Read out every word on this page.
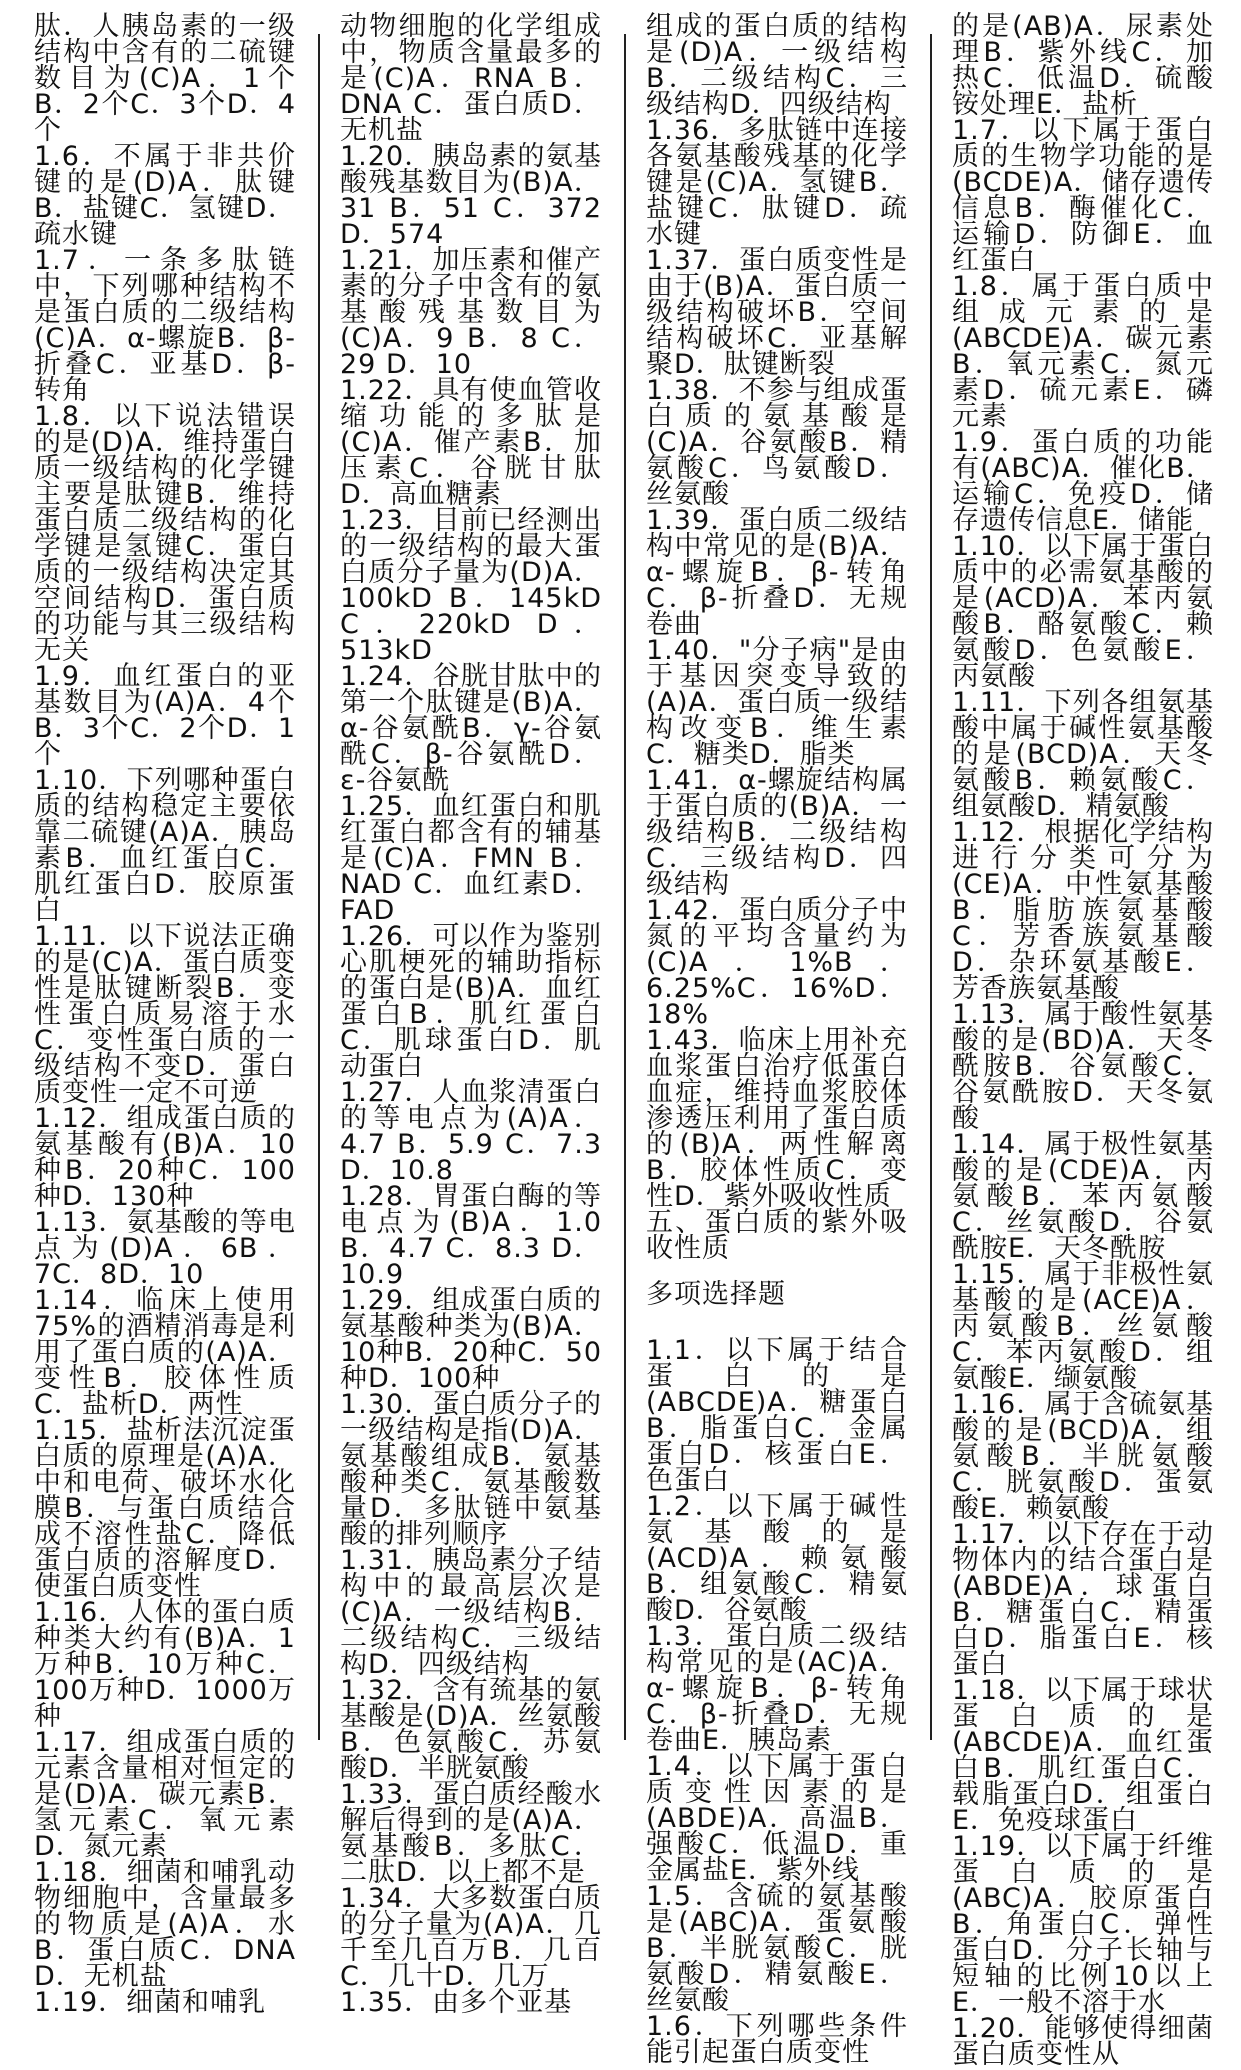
肽．人胰岛素的一级结构中含有的二硫键数目为(C)A．1个B．2个C．3个D．4个

1.6．不属于非共价键的是(D)A．肽键B．盐键C．氢键D．疏水键

1.7．一条多肽链中，下列哪种结构不是蛋白质的二级结构(C)A．α-螺旋B．β-折叠C．亚基D．β-转角

1.8．以下说法错误的是(D)A．维持蛋白质一级结构的化学键主要是肽键B．维持蛋白质二级结构的化学键是氢键C．蛋白质的一级结构决定其空间结构D．蛋白质的功能与其三级结构无关

1.9．血红蛋白的亚基数目为(A)A．4个B．3个C．2个D．1个

1.10．下列哪种蛋白质的结构稳定主要依靠二硫键(A)A．胰岛素B．血红蛋白C．肌红蛋白D．胶原蛋白

1.11．以下说法正确的是(C)A．蛋白质变性是肽键断裂B．变性蛋白质易溶于水C．变性蛋白质的一级结构不变D．蛋白质变性一定不可逆

1.12．组成蛋白质的氨基酸有(B)A．10种B．20种C．100种D．130种

1.13．氨基酸的等电点为(D)A．6B．7C．8D．10

1.14．临床上使用75%的酒精消毒是利用了蛋白质的(A)A．变性B．胶体性质C．盐析D．两性

1.15．盐析法沉淀蛋白质的原理是(A)A．中和电荷、破坏水化膜B．与蛋白质结合成不溶性盐C．降低蛋白质的溶解度D．使蛋白质变性

1.16．人体的蛋白质种类大约有(B)A．1万种B．10万种C．100万种D．1000万种

1.17．组成蛋白质的元素含量相对恒定的是(D)A．碳元素B．氢元素C．氧元素D．氮元素

1.18．细菌和哺乳动物细胞中，含量最多的物质是(A)A．水B．蛋白质C．DNA D．无机盐

1.19．细菌和哺乳

动物细胞的化学组成中，物质含量最多的是(C)A．RNA B．DNA C．蛋白质D．无机盐

1.20．胰岛素的氨基酸残基数目为(B)A．31 B．51 C．372 D．574

1.21．加压素和催产素的分子中含有的氨基酸残基数目为(C)A．9 B．8 C．29 D．10

1.22．具有使血管收缩功能的多肽是(C)A．催产素B．加压素C．谷胱甘肽D．高血糖素

1.23．目前已经测出的一级结构的最大蛋白质分子量为(D)A．100kD B．145kD C．220kD D．513kD

1.24．谷胱甘肽中的第一个肽键是(B)A．α-谷氨酰B．γ-谷氨酰C．β-谷氨酰D．ε-谷氨酰

1.25．血红蛋白和肌红蛋白都含有的辅基是(C)A．FMN B．NAD C．血红素D．FAD

1.26．可以作为鉴别心肌梗死的辅助指标的蛋白是(B)A．血红蛋白B．肌红蛋白C．肌球蛋白D．肌动蛋白

1.27．人血浆清蛋白的等电点为(A)A．4.7 B．5.9 C．7.3 D．10.8

1.28．胃蛋白酶的等电点为(B)A．1.0 B．4.7 C．8.3 D．10.9

1.29．组成蛋白质的氨基酸种类为(B)A．10种B．20种C．50种D．100种

1.30．蛋白质分子的一级结构是指(D)A．氨基酸组成B．氨基酸种类C．氨基酸数量D．多肽链中氨基酸的排列顺序

1.31．胰岛素分子结构中的最高层次是(C)A．一级结构B．二级结构C．三级结构D．四级结构

1.32．含有巯基的氨基酸是(D)A．丝氨酸B．色氨酸C．苏氨酸D．半胱氨酸

1.33．蛋白质经酸水解后得到的是(A)A．氨基酸B．多肽C．二肽D．以上都不是

1.34．大多数蛋白质的分子量为(A)A．几千至几百万B．几百C．几十D．几万

1.35．由多个亚基

组成的蛋白质的结构是(D)A．一级结构B．二级结构C．三级结构D．四级结构

1.36．多肽链中连接各氨基酸残基的化学键是(C)A．氢键B．盐键C．肽键D．疏水键

1.37．蛋白质变性是由于(B)A．蛋白质一级结构破坏B．空间结构破坏C．亚基解聚D．肽键断裂

1.38．不参与组成蛋白质的氨基酸是(C)A．谷氨酸B．精氨酸C．鸟氨酸D．丝氨酸

1.39．蛋白质二级结构中常见的是(B)A．α-螺旋B．β-转角C．β-折叠D．无规卷曲

1.40．"分子病"是由于基因突变导致的(A)A．蛋白质一级结构改变B．维生素C．糖类D．脂类

1.41．α-螺旋结构属于蛋白质的(B)A．一级结构B．二级结构C．三级结构D．四级结构

1.42．蛋白质分子中氮的平均含量约为(C)A．1%B．6.25%C．16%D．18%

1.43．临床上用补充血浆蛋白治疗低蛋白血症，维持血浆胶体渗透压利用了蛋白质的(B)A．两性解离B．胶体性质C．变性D．紫外吸收性质

五、蛋白质的紫外吸收性质

多项选择题

1.1．以下属于结合蛋白的是(ABCDE)A．糖蛋白B．脂蛋白C．金属蛋白D．核蛋白E．色蛋白

1.2．以下属于碱性氨基酸的是(ACD)A．赖氨酸B．组氨酸C．精氨酸D．谷氨酸

1.3．蛋白质二级结构常见的是(AC)A．α-螺旋B．β-转角C．β-折叠D．无规卷曲E．胰岛素

1.4．以下属于蛋白质变性因素的是(ABDE)A．高温B．强酸C．低温D．重金属盐E．紫外线

1.5．含硫的氨基酸是(ABC)A．蛋氨酸B．半胱氨酸C．胱氨酸D．精氨酸E．丝氨酸

1.6．下列哪些条件能引起蛋白质变性

的是(AB)A．尿素处理B．紫外线C．加热C．低温D．硫酸铵处理E．盐析

1.7．以下属于蛋白质的生物学功能的是(BCDE)A．储存遗传信息B．酶催化C．运输D．防御E．血红蛋白

1.8．属于蛋白质中组成元素的是(ABCDE)A．碳元素B．氧元素C．氮元素D．硫元素E．磷元素

1.9．蛋白质的功能有(ABC)A．催化B．运输C．免疫D．储存遗传信息E．储能

1.10．以下属于蛋白质中的必需氨基酸的是(ACD)A．苯丙氨酸B．酪氨酸C．赖氨酸D．色氨酸E．丙氨酸

1.11．下列各组氨基酸中属于碱性氨基酸的是(BCD)A．天冬氨酸B．赖氨酸C．组氨酸D．精氨酸

1.12．根据化学结构进行分类可分为(CE)A．中性氨基酸B．脂肪族氨基酸C．芳香族氨基酸D．杂环氨基酸E．芳香族氨基酸

1.13．属于酸性氨基酸的是(BD)A．天冬酰胺B．谷氨酸C．谷氨酰胺D．天冬氨酸

1.14．属于极性氨基酸的是(CDE)A．丙氨酸B．苯丙氨酸C．丝氨酸D．谷氨酰胺E．天冬酰胺

1.15．属于非极性氨基酸的是(ACE)A．丙氨酸B．丝氨酸C．苯丙氨酸D．组氨酸E．缬氨酸

1.16．属于含硫氨基酸的是(BCD)A．组氨酸B．半胱氨酸C．胱氨酸D．蛋氨酸E．赖氨酸

1.17．以下存在于动物体内的结合蛋白是(ABDE)A．球蛋白B．糖蛋白C．精蛋白D．脂蛋白E．核蛋白

1.18．以下属于球状蛋白质的是(ABCDE)A．血红蛋白B．肌红蛋白C．载脂蛋白D．组蛋白E．免疫球蛋白

1.19．以下属于纤维蛋白质的是(ABC)A．胶原蛋白B．角蛋白C．弹性蛋白D．分子长轴与短轴的比例10以上E．一般不溶于水

1.20．能够使得细菌蛋白质变性从
